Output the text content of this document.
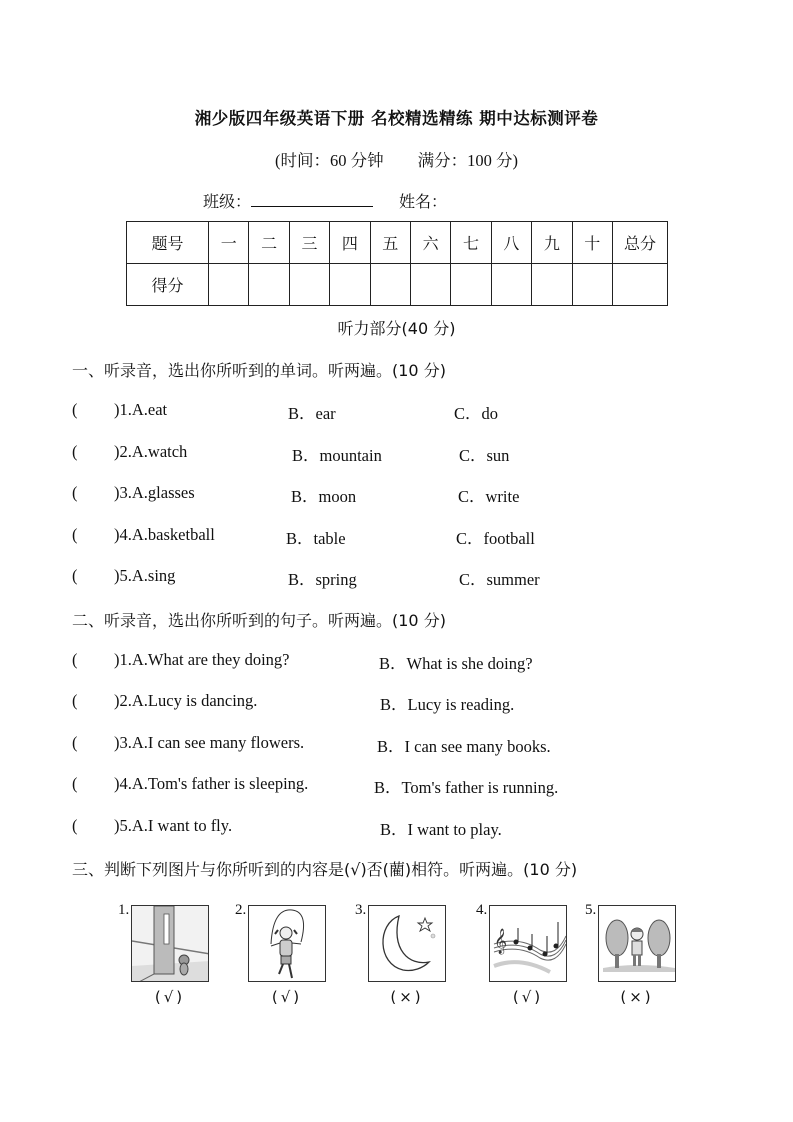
湘少版四年级英语下册 名校精选精练 期中达标测评卷
(时间：60 分钟 满分：100 分)
班级：	姓名：
题号	一	二	三	四	五	六	七	八	九	十	总分
得分											
听力部分(40 分)
一、听录音，选出你所听到的单词。听两遍。(10 分)
( )1.A.eat	B．ear	C．do
( )2.A.watch	B．mountain	C．sun
( )3.A.glasses	B．moon	C．write
( )4.A.basketball	B．table	C．football
( )5.A.sing	B．spring	C．summer
二、听录音，选出你所听到的句子。听两遍。(10 分)
( )1.A.What are they doing?	B．What is she doing?
( )2.A.Lucy is dancing.	B．Lucy is reading.
( )3.A.I can see many flowers.	B．I can see many books.
( )4.A.Tom's father is sleeping.	B．Tom's father is running.
( )5.A.I want to fly.	B．I want to play.
三、判断下列图片与你所听到的内容是(√)否(藺)相符。听两遍。(10 分)
1.
(√)
2.
(√)
3.
(×)
4.
𝄞
(√)
5.
(×)
